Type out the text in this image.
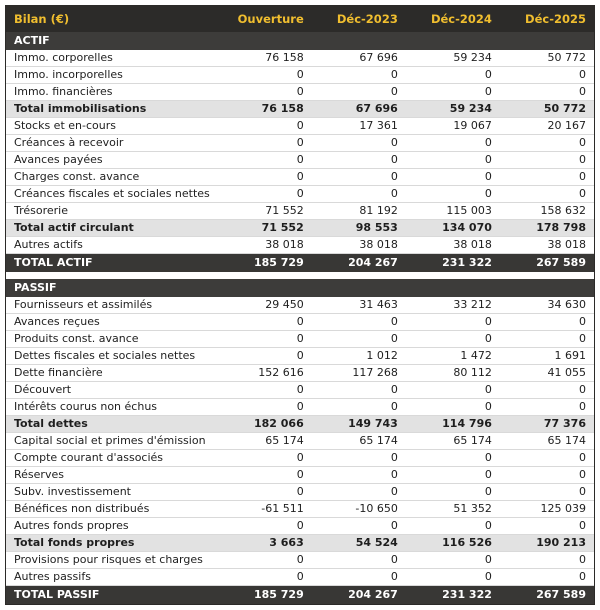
Bilan (€)	Ouverture	Déc-2023	Déc-2024	Déc-2025
ACTIF				
Immo. corporelles	76 158	67 696	59 234	50 772
Immo. incorporelles	0	0	0	0
Immo. financières	0	0	0	0
Total immobilisations	76 158	67 696	59 234	50 772
Stocks et en-cours	0	17 361	19 067	20 167
Créances à recevoir	0	0	0	0
Avances payées	0	0	0	0
Charges const. avance	0	0	0	0
Créances fiscales et sociales nettes	0	0	0	0
Trésorerie	71 552	81 192	115 003	158 632
Total actif circulant	71 552	98 553	134 070	178 798
Autres actifs	38 018	38 018	38 018	38 018
TOTAL ACTIF	185 729	204 267	231 322	267 589

PASSIF				
Fournisseurs et assimilés	29 450	31 463	33 212	34 630
Avances reçues	0	0	0	0
Produits const. avance	0	0	0	0
Dettes fiscales et sociales nettes	0	1 012	1 472	1 691
Dette financière	152 616	117 268	80 112	41 055
Découvert	0	0	0	0
Intérêts courus non échus	0	0	0	0
Total dettes	182 066	149 743	114 796	77 376
Capital social et primes d'émission	65 174	65 174	65 174	65 174
Compte courant d'associés	0	0	0	0
Réserves	0	0	0	0
Subv. investissement	0	0	0	0
Bénéfices non distribués	-61 511	-10 650	51 352	125 039
Autres fonds propres	0	0	0	0
Total fonds propres	3 663	54 524	116 526	190 213
Provisions pour risques et charges	0	0	0	0
Autres passifs	0	0	0	0
TOTAL PASSIF	185 729	204 267	231 322	267 589
